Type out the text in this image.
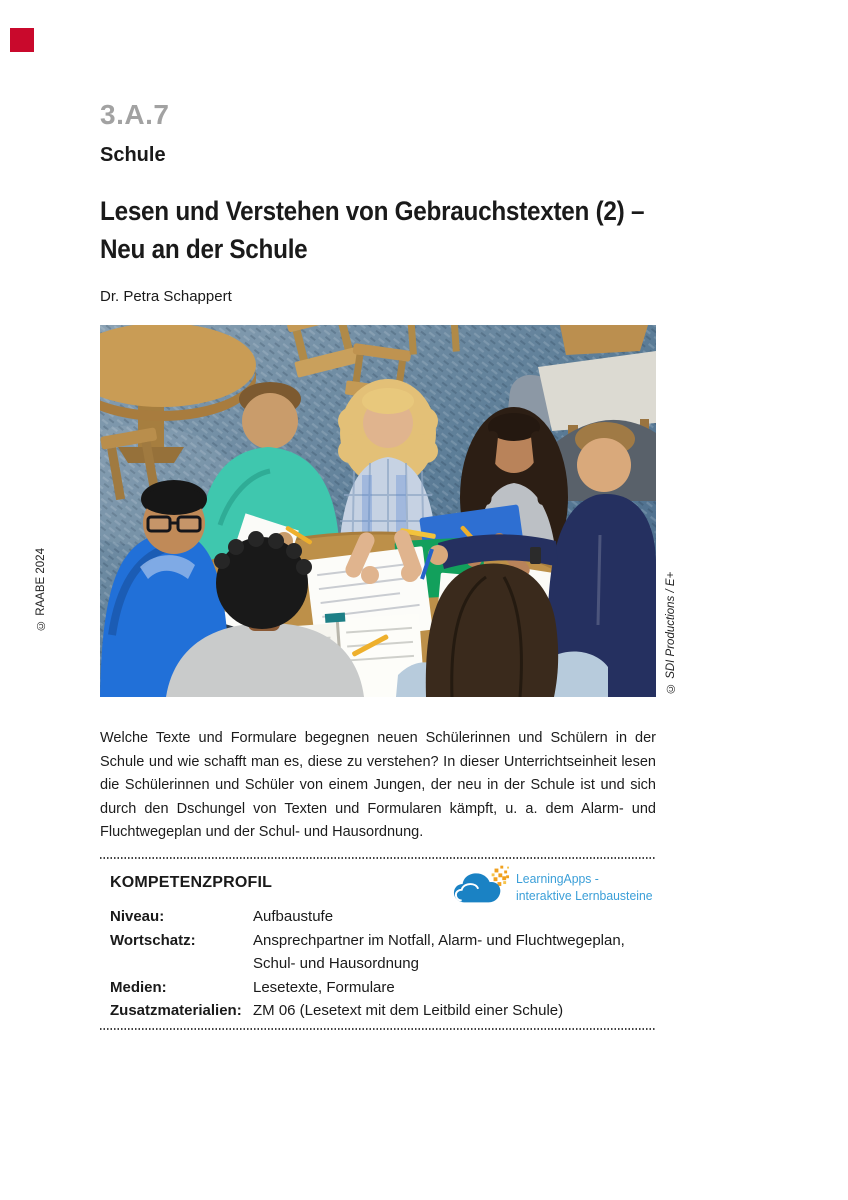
3.A.7
Schule
Lesen und Verstehen von Gebrauchstexten (2) –
Neu an der Schule
Dr. Petra Schappert
© RAABE 2024	© SDI Productions / E+

Welche Texte und Formulare begegnen neuen Schülerinnen und Schülern in der Schule und wie schafft man es, diese zu verstehen? In dieser Unterrichtseinheit lesen die Schülerinnen und Schüler von einem Jungen, der neu in der Schule ist und sich durch den Dschungel von Texten und Formularen kämpft, u. a. dem Alarm- und Fluchtwegeplan und der Schul- und Hausordnung.

KOMPETENZPROFIL	LearningApps -
interaktive Lernbausteine
Niveau:	Aufbaustufe
Wortschatz:	Ansprechpartner im Notfall, Alarm- und Fluchtwegeplan,
Schul- und Hausordnung
Medien:	Lesetexte, Formulare
Zusatzmaterialien: ZM 06 (Lesetext mit dem Leitbild einer Schule)
